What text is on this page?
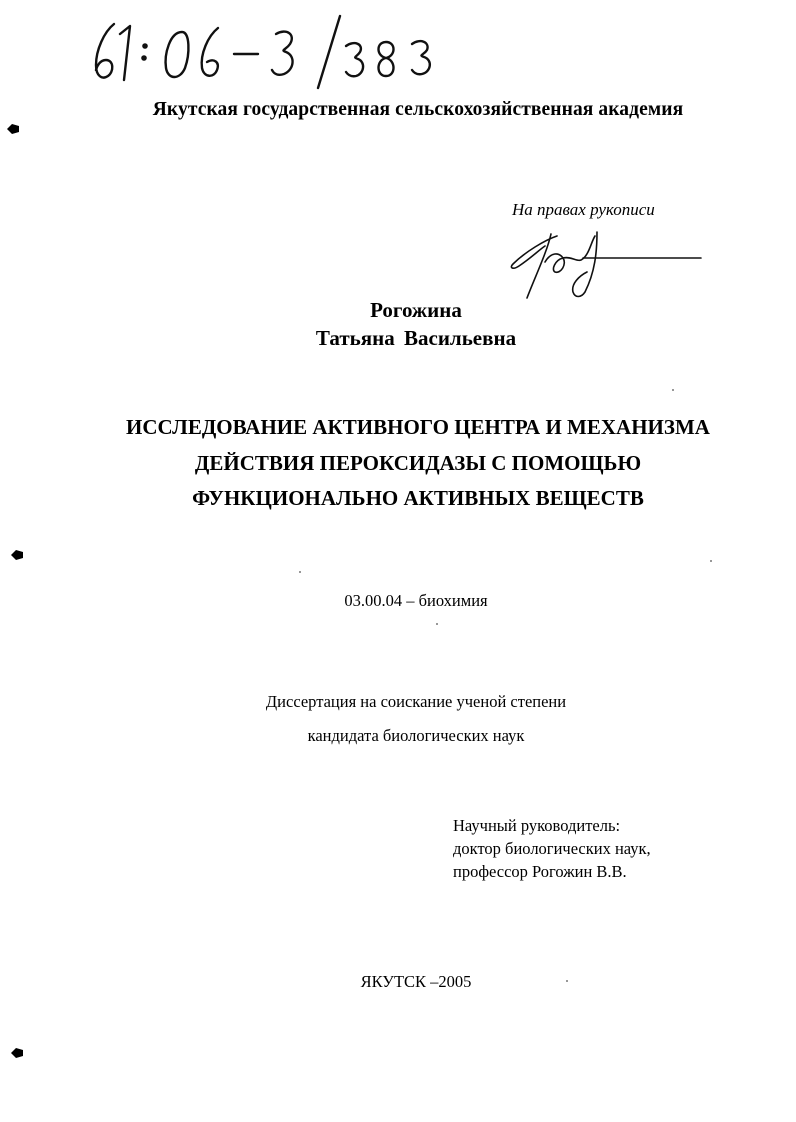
Якутская государственная сельскохозяйственная академия
На правах рукописи
Рогожина
Татьяна Васильевна
ИССЛЕДОВАНИЕ АКТИВНОГО ЦЕНТРА И МЕХАНИЗМА
ДЕЙСТВИЯ ПЕРОКСИДАЗЫ С ПОМОЩЬЮ
ФУНКЦИОНАЛЬНО АКТИВНЫХ ВЕЩЕСТВ
03.00.04 – биохимия
Диссертация на соискание ученой степени
кандидата биологических наук
Научный руководитель:
доктор биологических наук,
профессор Рогожин В.В.
ЯКУТСК –2005
